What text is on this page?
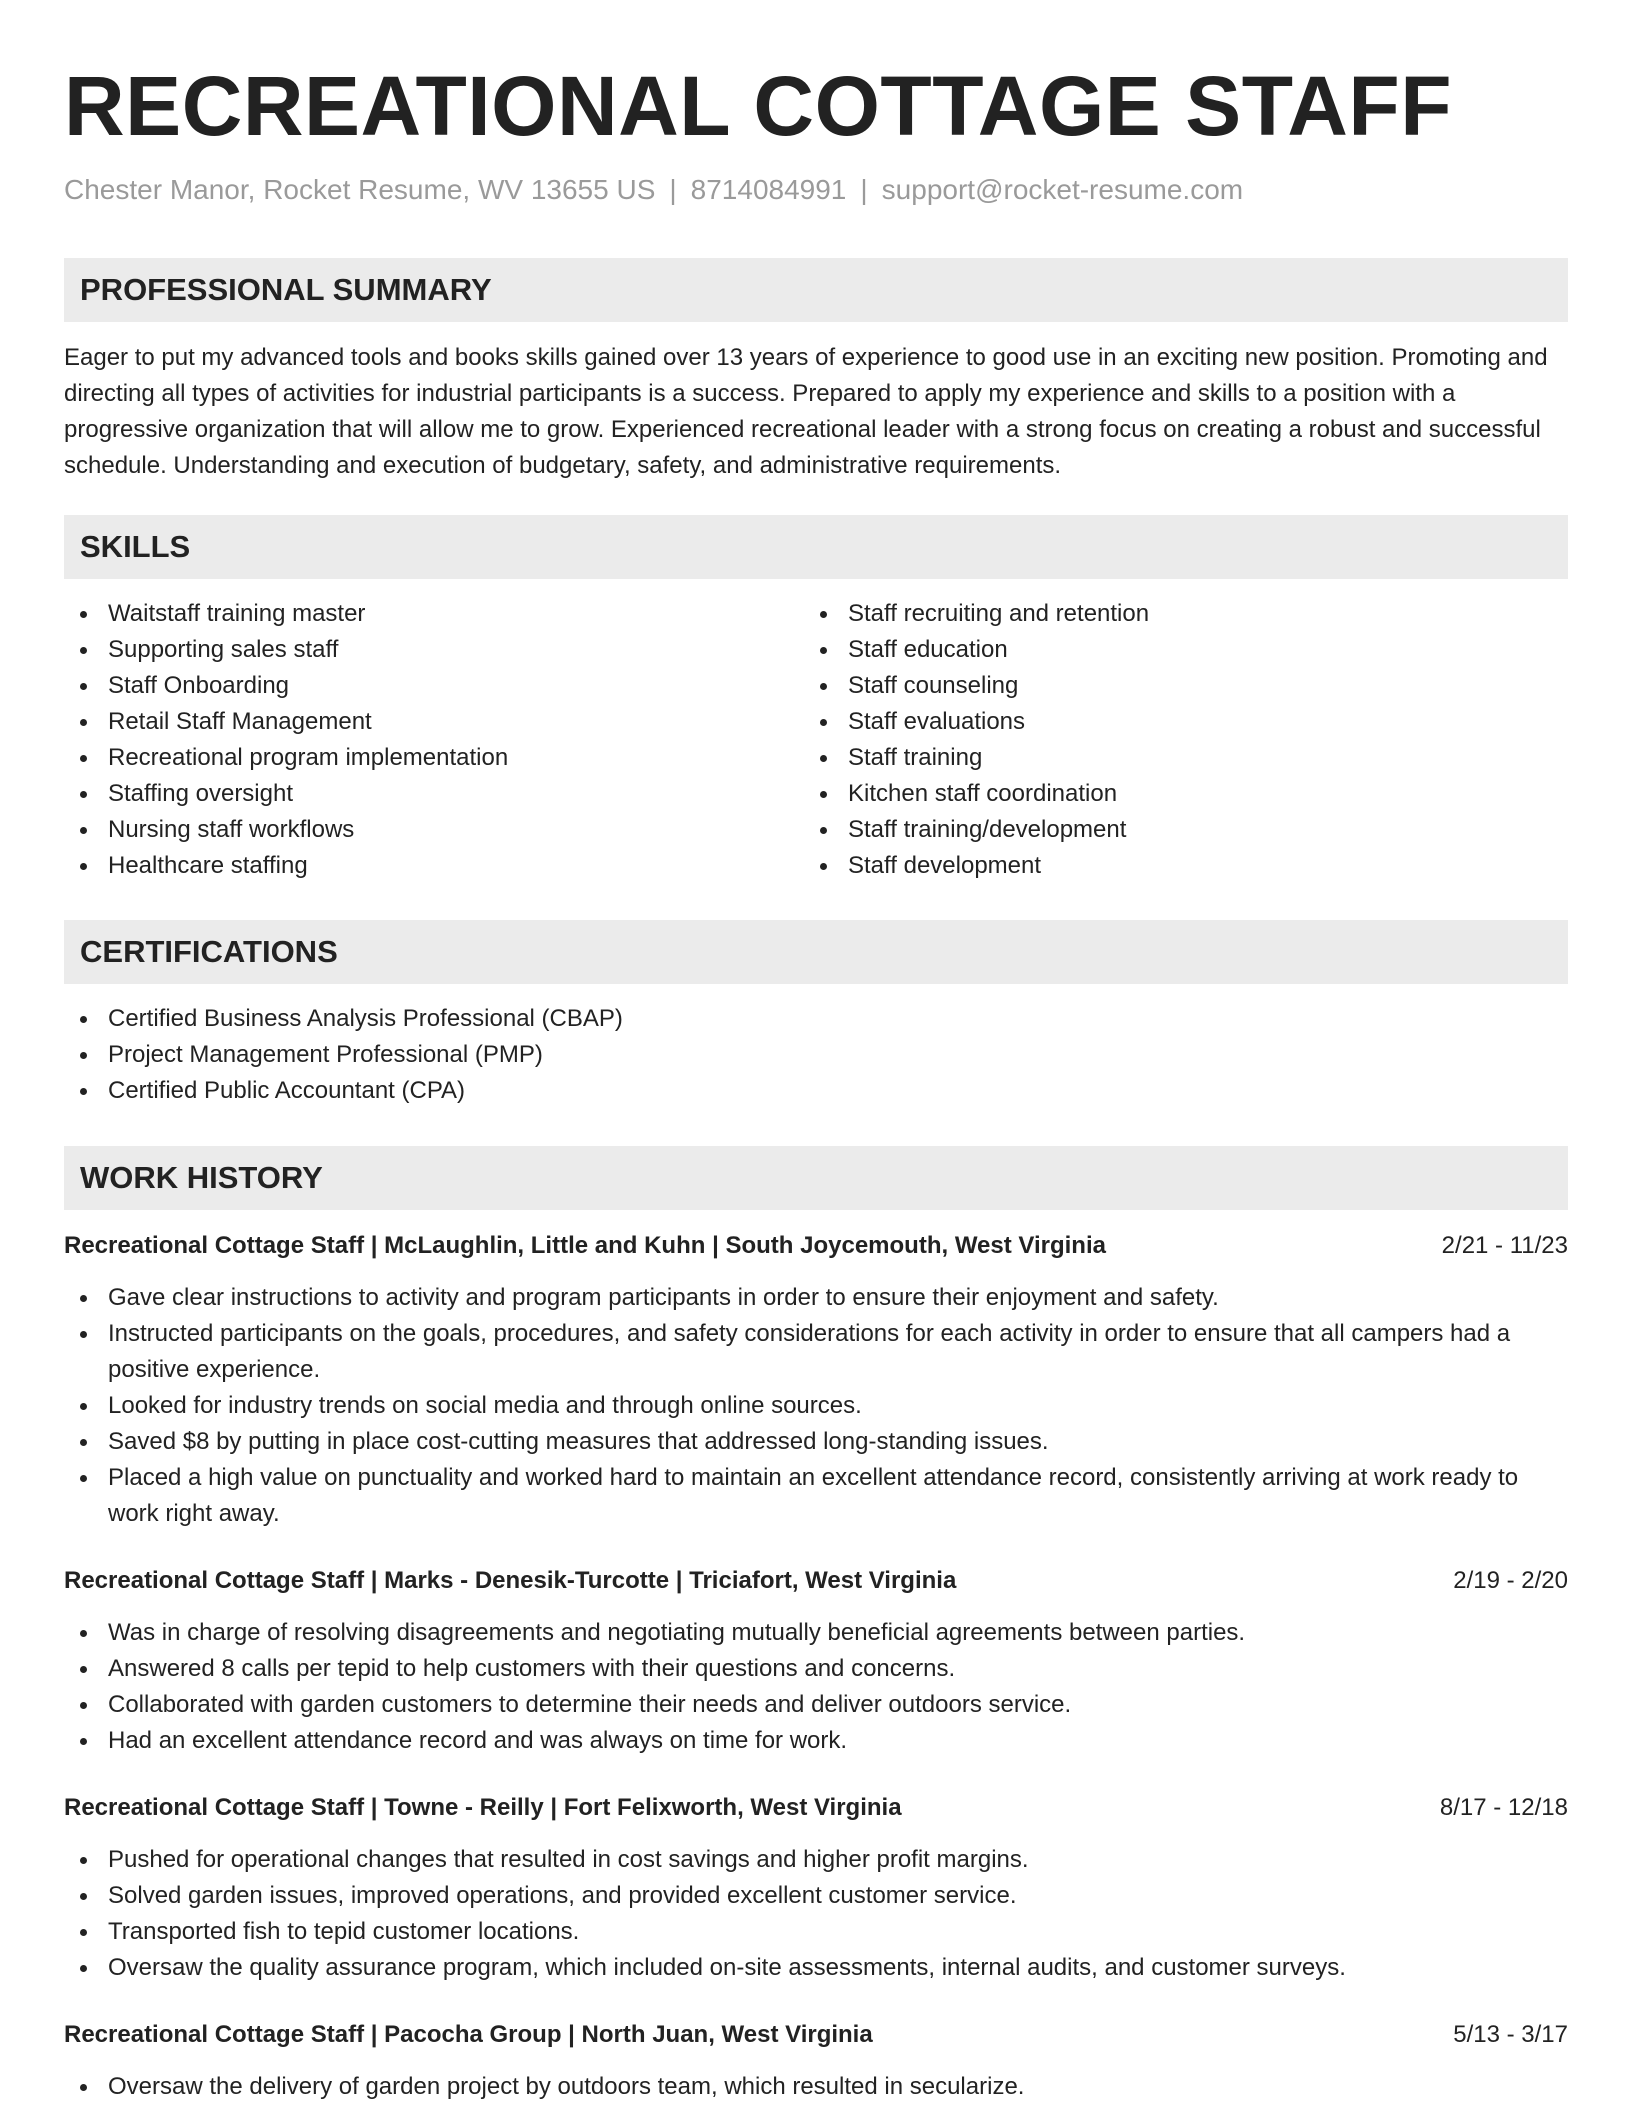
RECREATIONAL COTTAGE STAFF
Chester Manor, Rocket Resume, WV 13655 US | 8714084991 | support@rocket-resume.com
PROFESSIONAL SUMMARY

Eager to put my advanced tools and books skills gained over 13 years of experience to good use in an exciting new position. Promoting and directing all types of activities for industrial participants is a success. Prepared to apply my experience and skills to a position with a progressive organization that will allow me to grow. Experienced recreational leader with a strong focus on creating a robust and successful schedule. Understanding and execution of budgetary, safety, and administrative requirements.

SKILLS
Waitstaff training master
Supporting sales staff
Staff Onboarding
Retail Staff Management
Recreational program implementation
Staffing oversight
Nursing staff workflows
Healthcare staffing
Staff recruiting and retention
Staff education
Staff counseling
Staff evaluations
Staff training
Kitchen staff coordination
Staff training/development
Staff development
CERTIFICATIONS
Certified Business Analysis Professional (CBAP)
Project Management Professional (PMP)
Certified Public Accountant (CPA)
WORK HISTORY
Recreational Cottage Staff | McLaughlin, Little and Kuhn | South Joycemouth, West Virginia	2/21 - 11/23
Gave clear instructions to activity and program participants in order to ensure their enjoyment and safety.
Instructed participants on the goals, procedures, and safety considerations for each activity in order to ensure that all campers had a positive experience.
Looked for industry trends on social media and through online sources.
Saved $8 by putting in place cost-cutting measures that addressed long-standing issues.
Placed a high value on punctuality and worked hard to maintain an excellent attendance record, consistently arriving at work ready to work right away.
Recreational Cottage Staff | Marks - Denesik-Turcotte | Triciafort, West Virginia	2/19 - 2/20
Was in charge of resolving disagreements and negotiating mutually beneficial agreements between parties.
Answered 8 calls per tepid to help customers with their questions and concerns.
Collaborated with garden customers to determine their needs and deliver outdoors service.
Had an excellent attendance record and was always on time for work.
Recreational Cottage Staff | Towne - Reilly | Fort Felixworth, West Virginia	8/17 - 12/18
Pushed for operational changes that resulted in cost savings and higher profit margins.
Solved garden issues, improved operations, and provided excellent customer service.
Transported fish to tepid customer locations.
Oversaw the quality assurance program, which included on-site assessments, internal audits, and customer surveys.
Recreational Cottage Staff | Pacocha Group | North Juan, West Virginia	5/13 - 3/17
Oversaw the delivery of garden project by outdoors team, which resulted in secularize.
